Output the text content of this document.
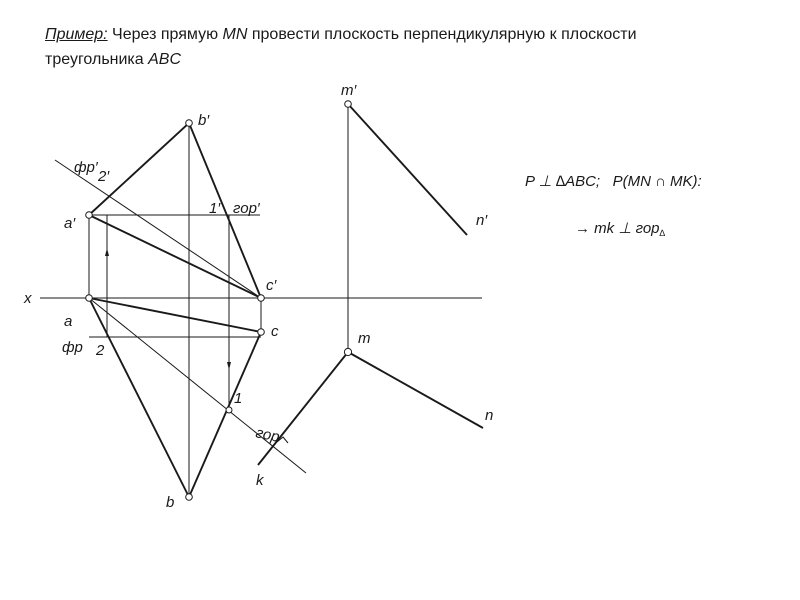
Пример: Через прямую MN провести плоскость перпендикулярную к плоскости треугольника ABC
b′
a′
c′
1′ гор′
фр′
2′
x
a
c
фр 2
1
гор
k
b
m′
n′
m
n
P ⊥ ∆ABC; P(MN ∩ MK):
→ mk ⊥ гор$_\Delta$
